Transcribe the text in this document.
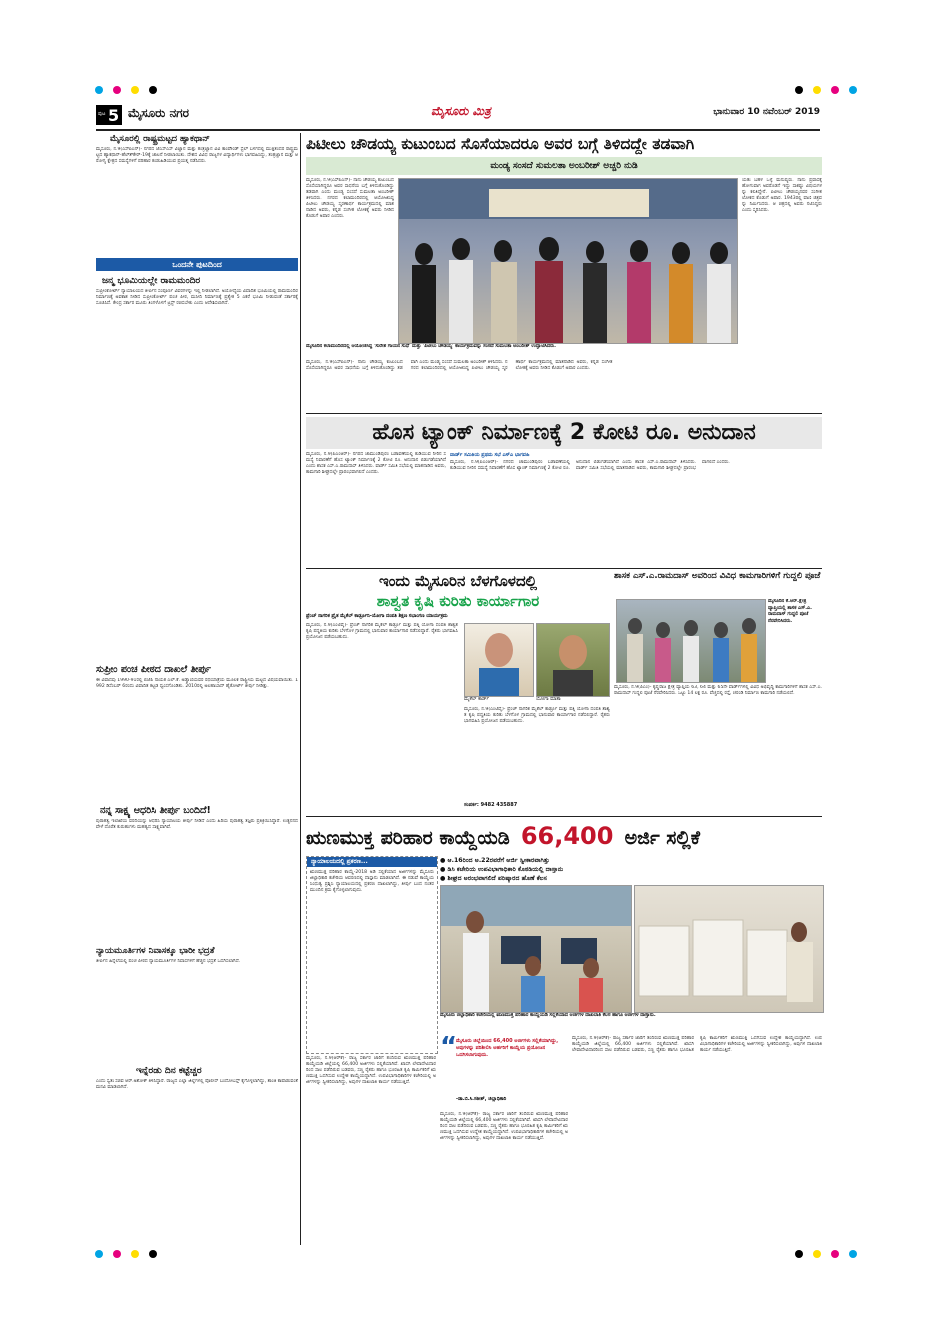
ಪುಟ 5 ಮೈಸೂರು ನಗರ	ಮೈಸೂರು ಮಿತ್ರ	ಭಾನುವಾರ 10 ನವೆಂಬರ್ 2019
ಮೈಸೂರಲ್ಲಿ ರಾಷ್ಟ್ರಮಟ್ಟದ ಹ್ಯಾಕಥಾನ್
ಮೈಸೂರು, ನ.9(ಎಸ್‍ಪಿಎನ್)- ನಗರದ ಜೆಎಸ್‍ಎಸ್ ವಿಜ್ಞಾನ ಮತ್ತು ತಂತ್ರಜ್ಞಾನ ವಿವಿ ಕಾಂಪೌಂಡ್ ಸ್ಟೆಲ್ ಬಳಗದಲ್ಲಿ ಮುಕ್ತಿತಂದರ ರಾಷ್ಟ್ರಮಟ್ಟದ ಹ್ಯಾಕಥಾನ್-ಹೆಲ್ತ್‍ಕೇರ್-19ಕ್ಕೆ ಚಾಲನೆ ನೀಡಲಾಯಿತು. ದೇಶದ ವಿವಿಧ ರಾಜ್ಯಗಳ ವಿದ್ಯಾರ್ಥಿಗಳು ಭಾಗವಹಿಸಿದ್ದು, ತಂತ್ರಜ್ಞಾನ ಮತ್ತು ಆರೋಗ್ಯ ಕ್ಷೇತ್ರದ ಸಮಸ್ಯೆಗಳಿಗೆ ಪರಿಹಾರ ಕಂಡುಹಿಡಿಯುವ ಪ್ರಯತ್ನ ನಡೆಸಿದರು.
ಒಂದನೇ ಪುಟದಿಂದ
ಜನ್ಮ ಭೂಮಿಯಲ್ಲೇ ರಾಮಮಂದಿರ
ಸುಪ್ರೀಂಕೋರ್ಟ್ ನ್ಯಾಯಾಲಯದ ತೀರ್ಪಿನ ಸಂಪೂರ್ಣ ವಿವರಗಳನ್ನು ಇಲ್ಲಿ ನೀಡಲಾಗಿದೆ. ಅಯೋಧ್ಯೆಯ ವಿವಾದಿತ ಭೂಮಿಯಲ್ಲಿ ರಾಮಮಂದಿರ ನಿರ್ಮಾಣಕ್ಕೆ ಅವಕಾಶ ನೀಡಿದ ಸುಪ್ರೀಂಕೋರ್ಟ್ ಪಂಚ ಪೀಠ, ಮಸೀದಿ ನಿರ್ಮಾಣಕ್ಕೆ ಪ್ರತ್ಯೇಕ 5 ಎಕರೆ ಭೂಮಿ ನೀಡುವಂತೆ ಸರ್ಕಾರಕ್ಕೆ ಸೂಚಿಸಿದೆ. ಕೇಂದ್ರ ಸರ್ಕಾರ ಮೂರು ತಿಂಗಳೊಳಗೆ ಟ್ರಸ್ಟ್ ರಚಿಸಬೇಕು ಎಂದು ಆದೇಶಿಸಲಾಗಿದೆ.
ಸುಪ್ರೀಂ ಪಂಚ ಪೀಠದ ದಾಖಲೆ ತೀರ್ಪು
ಈ ವಿವಾದವು 1990-91ರಲ್ಲಿ ಬಿಜೆಪಿ ನಾಯಕ ಎಲ್.ಕೆ. ಅಡ್ವಾಣಿಯವರ ರಥಯಾತ್ರೆಯ ಮೂಲಕ ರಾಷ್ಟ್ರೀಯ ಮಟ್ಟದ ವಿಷಯವಾಯಿತು. 1992 ಡಿಸೆಂಬರ್ 6ರಂದು ವಿವಾದಿತ ಕಟ್ಟಡ ಧ್ವಂಸಗೊಂಡಿತು. 2010ರಲ್ಲಿ ಅಲಹಾಬಾದ್ ಹೈಕೋರ್ಟ್ ತೀರ್ಪು ನೀಡಿತ್ತು.
ನನ್ನ ಸಾಕ್ಷ್ಯ ಆಧರಿಸಿ ತೀರ್ಪು ಬಂದಿದೆ!
ಪುರಾತತ್ವ ಇಲಾಖೆಯ ವರದಿಯನ್ನು ಆಧರಿಸಿ ನ್ಯಾಯಾಲಯ ತೀರ್ಪು ನೀಡಿದೆ ಎಂದು ಹಿರಿಯ ಪುರಾತತ್ವ ತಜ್ಞರು ಪ್ರತಿಕ್ರಿಯಿಸಿದ್ದಾರೆ. ಉತ್ಖನನದ ವೇಳೆ ದೊರೆತ ಕುರುಹುಗಳು ಮಹತ್ವದ ಸಾಕ್ಷ್ಯವಾಗಿವೆ.
ನ್ಯಾಯಮೂರ್ತಿಗಳ ನಿವಾಸಕ್ಕೂ ಭಾರೀ ಭದ್ರತೆ
ತೀರ್ಪಿನ ಹಿನ್ನೆಲೆಯಲ್ಲಿ ಪಂಚ ಪೀಠದ ನ್ಯಾಯಮೂರ್ತಿಗಳ ನಿವಾಸಗಳಿಗೆ ಹೆಚ್ಚಿನ ಭದ್ರತೆ ಒದಗಿಸಲಾಗಿದೆ.
ಇನ್ನೆರಡು ದಿನ ಕಟ್ಟೆಚ್ಚರ
ಎಂದು ಸ್ವತಃ ಸಚಿವ ಆರ್.ಅಶೋಕ್ ತಿಳಿಸಿದ್ದಾರೆ. ರಾಜ್ಯದ ಎಲ್ಲಾ ಜಿಲ್ಲೆಗಳಲ್ಲಿ ಪೊಲೀಸ್ ಬಂದೋಬಸ್ತ್ ಕೈಗೊಳ್ಳಲಾಗಿದ್ದು, ಶಾಂತಿ ಕಾಪಾಡುವಂತೆ ಮನವಿ ಮಾಡಲಾಗಿದೆ.
ಪಿಟೀಲು ಚೌಡಯ್ಯ ಕುಟುಂಬದ ಸೊಸೆಯಾದರೂ ಅವರ ಬಗ್ಗೆ ತಿಳಿದದ್ದೇ ತಡವಾಗಿ
ಮಂಡ್ಯ ಸಂಸದೆ ಸುಮಲತಾ ಅಂಬರೀಶ್ ಅಚ್ಚರಿ ನುಡಿ
ಮೈಸೂರು, ನ.9(ಎಸ್‍ಪಿಎನ್)- ನಾನು ಚೌಡಯ್ಯ ಕುಟುಂಬದ ಸೊಸೆಯಾಗಿದ್ದರೂ ಅವರ ಸಾಧನೆಯ ಬಗ್ಗೆ ತಿಳಿದುಕೊಂಡಿದ್ದು ತಡವಾಗಿ ಎಂದು ಮಂಡ್ಯ ಸಂಸದೆ ಸುಮಲತಾ ಅಂಬರೀಶ್ ತಿಳಿಸಿದರು. ನಗರದ ಕಲಾಮಂದಿರದಲ್ಲಿ ಆಯೋಜಿಸಿದ್ದ ಪಿಟೀಲು ಚೌಡಯ್ಯ ಸ್ಮರಣಾರ್ಥ ಕಾರ್ಯಕ್ರಮದಲ್ಲಿ ಮಾತನಾಡಿದ ಅವರು, ಕನ್ನಡ ಸಂಗೀತ ಲೋಕಕ್ಕೆ ಅವರು ನೀಡಿದ ಕೊಡುಗೆ ಅಪಾರ ಎಂದರು.
ಮೈಸೂರಿನ ಕಲಾಮಂದಿರದಲ್ಲಿ ಆಯೋಜಿಸಿದ್ದ 'ಸುರೇಶ ಗಾಯನ ಸುಧೆ' ಮತ್ತು 'ಪಿಟೀಲು ಚೌಡಯ್ಯ' ಕಾರ್ಯಕ್ರಮವನ್ನು ಸಂಸದೆ ಸುಮಲತಾ ಅಂಬರೀಶ್ ಉದ್ಘಾಟಿಸಿದರು.
ಯತಃ ಬಹಳ ಒಳ್ಳೆ ಮನುಷ್ಯರು. ನಾನು ಪ್ರವಾಸಕ್ಕೆ ಹೋಗುವಾಗ ಅವರೊಡನೆ ಇದ್ದು ಸಾಕಷ್ಟು ವಿಷಯಗಳನ್ನು ಕಲಿತಿದ್ದೇನೆ. ಪಿಟೀಲು ಚೌಡಯ್ಯನವರ ಸಂಗೀತ ಲೋಕದ ಕೊಡುಗೆ ಅಪಾರ. 1943ರಲ್ಲಿ ವಾಣಿ ಚಿತ್ರವನ್ನು ನಿರ್ಮಿಸಿದರು. ಆ ಚಿತ್ರದಲ್ಲಿ ಅವರು ನಟಿಸಿದ್ದರು ಎಂದು ಸ್ಮರಿಸಿದರು.
ಮೈಸೂರು, ನ.9(ಎಸ್‍ಪಿಎನ್)- ನಾನು ಚೌಡಯ್ಯ ಕುಟುಂಬದ ಸೊಸೆಯಾಗಿದ್ದರೂ ಅವರ ಸಾಧನೆಯ ಬಗ್ಗೆ ತಿಳಿದುಕೊಂಡಿದ್ದು ತಡವಾಗಿ ಎಂದು ಮಂಡ್ಯ ಸಂಸದೆ ಸುಮಲತಾ ಅಂಬರೀಶ್ ತಿಳಿಸಿದರು. ನಗರದ ಕಲಾಮಂದಿರದಲ್ಲಿ ಆಯೋಜಿಸಿದ್ದ ಪಿಟೀಲು ಚೌಡಯ್ಯ ಸ್ಮರಣಾರ್ಥ ಕಾರ್ಯಕ್ರಮದಲ್ಲಿ ಮಾತನಾಡಿದ ಅವರು, ಕನ್ನಡ ಸಂಗೀತ ಲೋಕಕ್ಕೆ ಅವರು ನೀಡಿದ ಕೊಡುಗೆ ಅಪಾರ ಎಂದರು.
ಹೊಸ ಟ್ಯಾಂಕ್ ನಿರ್ಮಾಣಕ್ಕೆ 2 ಕೋಟಿ ರೂ. ಅನುದಾನ
ಮೈಸೂರು, ನ.9(ಪಿಎಂಆರ್)- ನಗರದ ಚಾಮುಂಡಿಪುರಂ ಬಡಾವಣೆಯಲ್ಲಿ ಕುಡಿಯುವ ನೀರಿನ ಸಮಸ್ಯೆ ನಿವಾರಣೆಗೆ ಹೊಸ ಟ್ಯಾಂಕ್ ನಿರ್ಮಾಣಕ್ಕೆ 2 ಕೋಟಿ ರೂ. ಅನುದಾನ ಬಿಡುಗಡೆಯಾಗಿದೆ ಎಂದು ಶಾಸಕ ಎಸ್.ಎ.ರಾಮದಾಸ್ ತಿಳಿಸಿದರು. ವಾರ್ಡ್ ಸಮಿತಿ ಸಭೆಯಲ್ಲಿ ಮಾತನಾಡಿದ ಅವರು, ಕಾಮಗಾರಿ ಶೀಘ್ರದಲ್ಲೇ ಪ್ರಾರಂಭವಾಗಲಿದೆ ಎಂದರು.
ವಾರ್ಡ್ ಸಮಿತಿಯ ಪ್ರಥಮ ಸಭೆ ಎಸ್‍ಎ ಭಾಗವಹಿ
ಮೈಸೂರು, ನ.9(ಪಿಎಂಆರ್)- ನಗರದ ಚಾಮುಂಡಿಪುರಂ ಬಡಾವಣೆಯಲ್ಲಿ ಕುಡಿಯುವ ನೀರಿನ ಸಮಸ್ಯೆ ನಿವಾರಣೆಗೆ ಹೊಸ ಟ್ಯಾಂಕ್ ನಿರ್ಮಾಣಕ್ಕೆ 2 ಕೋಟಿ ರೂ. ಅನುದಾನ ಬಿಡುಗಡೆಯಾಗಿದೆ ಎಂದು ಶಾಸಕ ಎಸ್.ಎ.ರಾಮದಾಸ್ ತಿಳಿಸಿದರು. ವಾರ್ಡ್ ಸಮಿತಿ ಸಭೆಯಲ್ಲಿ ಮಾತನಾಡಿದ ಅವರು, ಕಾಮಗಾರಿ ಶೀಘ್ರದಲ್ಲೇ ಪ್ರಾರಂಭವಾಗಲಿದೆ ಎಂದರು.
ಇಂದು ಮೈಸೂರಿನ ಬೆಳಗೊಳದಲ್ಲಿ
ಶಾಶ್ವತ ಕೃಷಿ ಕುರಿತು ಕಾರ್ಯಾಗಾರ
ಫ್ರೆಂಚ್‌ ನಾಗರಿಕ ಪ್ರೈತ ಮೈಕೆಲ್ ಕಾರ್ಡ್ರೂನಿ-ಯೋಗಾ ದಂಪತಿ ಶಿಕ್ಷಣ ಸಭಾಂಗಣ ಯಾರ್ಯಕ್ರಮ
ಮೈಸೂರು, ನ.9(ಎಂಟಿವೈ)- ಫ್ರೆಂಚ್ ನಾಗರಿಕ ಮೈಕೆಲ್ ಕಾರ್ಡ್ರೂ ಮತ್ತು ಪತ್ನಿ ಯೋಗಾ ದಂಪತಿ ಶಾಶ್ವತ ಕೃಷಿ ಪದ್ಧತಿಯ ಕುರಿತು ಬೆಳಗೊಳ ಗ್ರಾಮದಲ್ಲಿ ಭಾನುವಾರ ಕಾರ್ಯಾಗಾರ ನಡೆಸಲಿದ್ದಾರೆ. ರೈತರು ಭಾಗವಹಿಸಿ ಪ್ರಯೋಜನ ಪಡೆಯಬಹುದು.
ಮೈಕೆಲ್ ಕಾರ್ಡ್	ಯೋಗಾ ಮಾತಾ
ಮೈಸೂರು, ನ.9(ಎಂಟಿವೈ)- ಫ್ರೆಂಚ್ ನಾಗರಿಕ ಮೈಕೆಲ್ ಕಾರ್ಡ್ರೂ ಮತ್ತು ಪತ್ನಿ ಯೋಗಾ ದಂಪತಿ ಶಾಶ್ವತ ಕೃಷಿ ಪದ್ಧತಿಯ ಕುರಿತು ಬೆಳಗೊಳ ಗ್ರಾಮದಲ್ಲಿ ಭಾನುವಾರ ಕಾರ್ಯಾಗಾರ ನಡೆಸಲಿದ್ದಾರೆ. ರೈತರು ಭಾಗವಹಿಸಿ ಪ್ರಯೋಜನ ಪಡೆಯಬಹುದು.
ಸಂಪರ್ಕ: 9482 435887
ಶಾಸಕ ಎಸ್.ಎ.ರಾಮದಾಸ್ ಅವರಿಂದ ವಿವಿಧ ಕಾಮಗಾರಿಗಳಿಗೆ ಗುದ್ದಲಿ ಪೂಜೆ
ಮೈಸೂರಿನ ಕೆ.ಆರ್.ಕ್ಷೇತ್ರ ವ್ಯಾಪ್ತಿಯಲ್ಲಿ ಶಾಸಕ ಎಸ್.ಎ. ರಾಮದಾಸ್ ಗುದ್ದಲಿ ಪೂಜೆ ನೆರವೇರಿಸಿದರು.
ಮೈಸೂರು, ನ.9(ಪಿಎಂ)- ಕೃಷ್ಣರಾಜ ಕ್ಷೇತ್ರ ವ್ಯಾಪ್ತಿಯ 63, 64 ಮತ್ತು 65ನೇ ವಾರ್ಡ್‌ಗಳಲ್ಲಿ ವಿವಿಧ ಅಭಿವೃದ್ಧಿ ಕಾಮಗಾರಿಗಳಿಗೆ ಶಾಸಕ ಎಸ್.ಎ.ರಾಮದಾಸ್ ಗುದ್ದಲಿ ಪೂಜೆ ನೆರವೇರಿಸಿದರು. ಒಟ್ಟು 14 ಲಕ್ಷ ರೂ. ವೆಚ್ಚದಲ್ಲಿ ರಸ್ತೆ, ಚರಂಡಿ ನಿರ್ಮಾಣ ಕಾಮಗಾರಿ ನಡೆಯಲಿದೆ.
ಋಣಮುಕ್ತ ಪರಿಹಾರ ಕಾಯ್ದೆಯಡಿ 66,400 ಅರ್ಜಿ ಸಲ್ಲಿಕೆ
ನ್ಯಾಯಾಲಯದಲ್ಲಿ ಪ್ರಕರಣ...
ಋಣಮುಕ್ತ ಪರಿಹಾರ ಕಾಯ್ದೆ-2018 ಅಡಿ ಸಲ್ಲಿಕೆಯಾದ ಅರ್ಜಿಗಳನ್ನು ಮೈಸೂರು ಜಿಲ್ಲಾಧಿಕಾರಿ ಕಚೇರಿಯ ಆವರಣದಲ್ಲಿ ದಾಸ್ತಾನು ಮಾಡಲಾಗಿದೆ. ಈ ನಡುವೆ ಕಾಯ್ದೆಯ ಸಿಂಧುತ್ವ ಪ್ರಶ್ನಿಸಿ ನ್ಯಾಯಾಲಯದಲ್ಲಿ ಪ್ರಕರಣ ದಾಖಲಾಗಿದ್ದು, ತೀರ್ಪು ಬಂದ ನಂತರ ಮುಂದಿನ ಕ್ರಮ ಕೈಗೊಳ್ಳಲಾಗುವುದು.
● ಆ.16ರಿಂದ ಅ.22ರವರೆಗೆ ಅರ್ಜಿ ಸ್ವೀಕಾರವಾಗಿತ್ತು
● ಡಿಸಿ ಕಚೇರಿಯ ಉಪವಿಭಾಗಾಧಿಕಾರಿ ಕೊಠಡಿಯಲ್ಲಿ ದಾಸ್ತಾನು
● ಶೀಘ್ರದ ಅರಂಭವಾಗಲಿದೆ ಪರಿಷ್ಕಾರದ ಹೊಣೆ ಕೆಲಸ
ಮೈಸೂರು ಜಿಲ್ಲಾಧಿಕಾರಿ ಕಚೇರಿಯಲ್ಲಿ ಋಣಮುಕ್ತ ಪರಿಹಾರ ಕಾಯ್ದೆಯಡಿ ಸಲ್ಲಿಕೆಯಾದ ಅರ್ಜಿಗಳ ದಾಖಲಾತಿ ಕೆಲಸ ಹಾಗೂ ಅರ್ಜಿಗಳ ದಾಸ್ತಾನು.
“
ಮೈಸೂರು ಜಿಲ್ಲೆಯಿಂದ 66,400 ಅರ್ಜಿಗಳು ಸಲ್ಲಿಕೆಯಾಗಿದ್ದು, ಅವುಗಳನ್ನು ಪರಿಶೀಲಿಸಿ ಅರ್ಹರಿಗೆ ಕಾಯ್ದೆಯ ಪ್ರಯೋಜನ ಒದಗಿಸಲಾಗುವುದು.
-ಡಾ.ಬಿ.ಸಿ.ಸತೀಶ್, ಜಿಲ್ಲಾಧಿಕಾರಿ
ಮೈಸೂರು, ನ.9(ಆರ್‌ಕೆ)- ರಾಜ್ಯ ಸರ್ಕಾರ ಜಾರಿಗೆ ತಂದಿರುವ ಋಣಮುಕ್ತ ಪರಿಹಾರ ಕಾಯ್ದೆಯಡಿ ಜಿಲ್ಲೆಯಲ್ಲಿ 66,400 ಅರ್ಜಿಗಳು ಸಲ್ಲಿಕೆಯಾಗಿವೆ. ಖಾಸಗಿ ಲೇವಾದೇವಿದಾರರಿಂದ ಸಾಲ ಪಡೆದಿರುವ ಬಡವರು, ಸಣ್ಣ ರೈತರು ಹಾಗೂ ಭೂರಹಿತ ಕೃಷಿ ಕಾರ್ಮಿಕರಿಗೆ ಋಣಮುಕ್ತಿ ಒದಗಿಸುವ ಉದ್ದೇಶ ಕಾಯ್ದೆಯದ್ದಾಗಿದೆ. ಉಪವಿಭಾಗಾಧಿಕಾರಿಗಳ ಕಚೇರಿಯಲ್ಲಿ ಅರ್ಜಿಗಳನ್ನು ಸ್ವೀಕರಿಸಲಾಗಿದ್ದು, ಅವುಗಳ ದಾಖಲಾತಿ ಕಾರ್ಯ ನಡೆಯುತ್ತಿದೆ.
ಮೈಸೂರು, ನ.9(ಆರ್‌ಕೆ)- ರಾಜ್ಯ ಸರ್ಕಾರ ಜಾರಿಗೆ ತಂದಿರುವ ಋಣಮುಕ್ತ ಪರಿಹಾರ ಕಾಯ್ದೆಯಡಿ ಜಿಲ್ಲೆಯಲ್ಲಿ 66,400 ಅರ್ಜಿಗಳು ಸಲ್ಲಿಕೆಯಾಗಿವೆ. ಖಾಸಗಿ ಲೇವಾದೇವಿದಾರರಿಂದ ಸಾಲ ಪಡೆದಿರುವ ಬಡವರು, ಸಣ್ಣ ರೈತರು ಹಾಗೂ ಭೂರಹಿತ ಕೃಷಿ ಕಾರ್ಮಿಕರಿಗೆ ಋಣಮುಕ್ತಿ ಒದಗಿಸುವ ಉದ್ದೇಶ ಕಾಯ್ದೆಯದ್ದಾಗಿದೆ. ಉಪವಿಭಾಗಾಧಿಕಾರಿಗಳ ಕಚೇರಿಯಲ್ಲಿ ಅರ್ಜಿಗಳನ್ನು ಸ್ವೀಕರಿಸಲಾಗಿದ್ದು, ಅವುಗಳ ದಾಖಲಾತಿ ಕಾರ್ಯ ನಡೆಯುತ್ತಿದೆ.
ಮೈಸೂರು, ನ.9(ಆರ್‌ಕೆ)- ರಾಜ್ಯ ಸರ್ಕಾರ ಜಾರಿಗೆ ತಂದಿರುವ ಋಣಮುಕ್ತ ಪರಿಹಾರ ಕಾಯ್ದೆಯಡಿ ಜಿಲ್ಲೆಯಲ್ಲಿ 66,400 ಅರ್ಜಿಗಳು ಸಲ್ಲಿಕೆಯಾಗಿವೆ. ಖಾಸಗಿ ಲೇವಾದೇವಿದಾರರಿಂದ ಸಾಲ ಪಡೆದಿರುವ ಬಡವರು, ಸಣ್ಣ ರೈತರು ಹಾಗೂ ಭೂರಹಿತ ಕೃಷಿ ಕಾರ್ಮಿಕರಿಗೆ ಋಣಮುಕ್ತಿ ಒದಗಿಸುವ ಉದ್ದೇಶ ಕಾಯ್ದೆಯದ್ದಾಗಿದೆ. ಉಪವಿಭಾಗಾಧಿಕಾರಿಗಳ ಕಚೇರಿಯಲ್ಲಿ ಅರ್ಜಿಗಳನ್ನು ಸ್ವೀಕರಿಸಲಾಗಿದ್ದು, ಅವುಗಳ ದಾಖಲಾತಿ ಕಾರ್ಯ ನಡೆಯುತ್ತಿದೆ.
